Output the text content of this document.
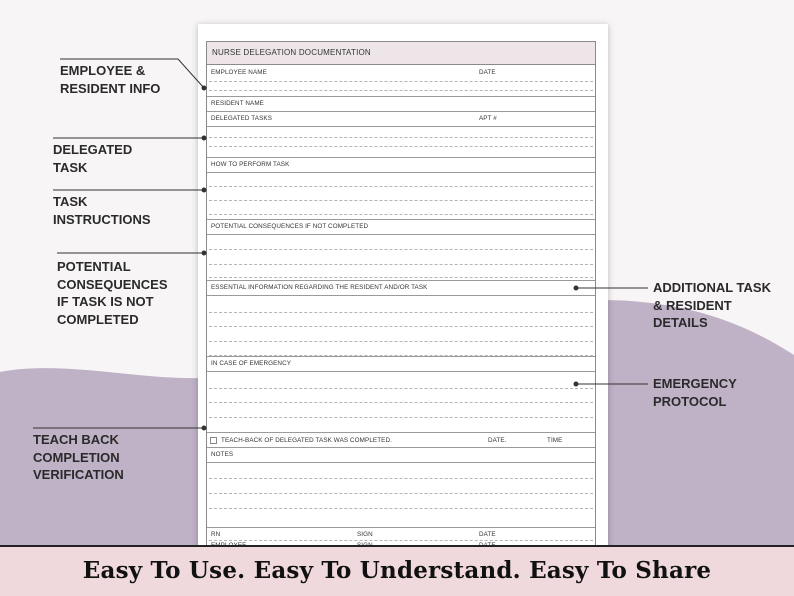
NURSE DELEGATION DOCUMENTATION
EMPLOYEE NAME	DATE
RESIDENT NAME
DELEGATED TASKS	APT #
HOW TO PERFORM TASK
POTENTIAL CONSEQUENCES IF NOT COMPLETED
ESSENTIAL INFORMATION REGARDING THE RESIDENT AND/OR TASK
IN CASE OF EMERGENCY
TEACH-BACK OF DELEGATED TASK WAS COMPLETED.	DATE.	TIME
NOTES
RN	SIGN	DATE
EMPLOYEE &
RESIDENT INFO
DELEGATED
TASK
TASK
INSTRUCTIONS
POTENTIAL
CONSEQUENCES
IF TASK IS NOT
COMPLETED
TEACH BACK
COMPLETION
VERIFICATION
ADDITIONAL TASK
& RESIDENT
DETAILS
EMERGENCY
PROTOCOL
Easy To Use. Easy To Understand. Easy To Share
